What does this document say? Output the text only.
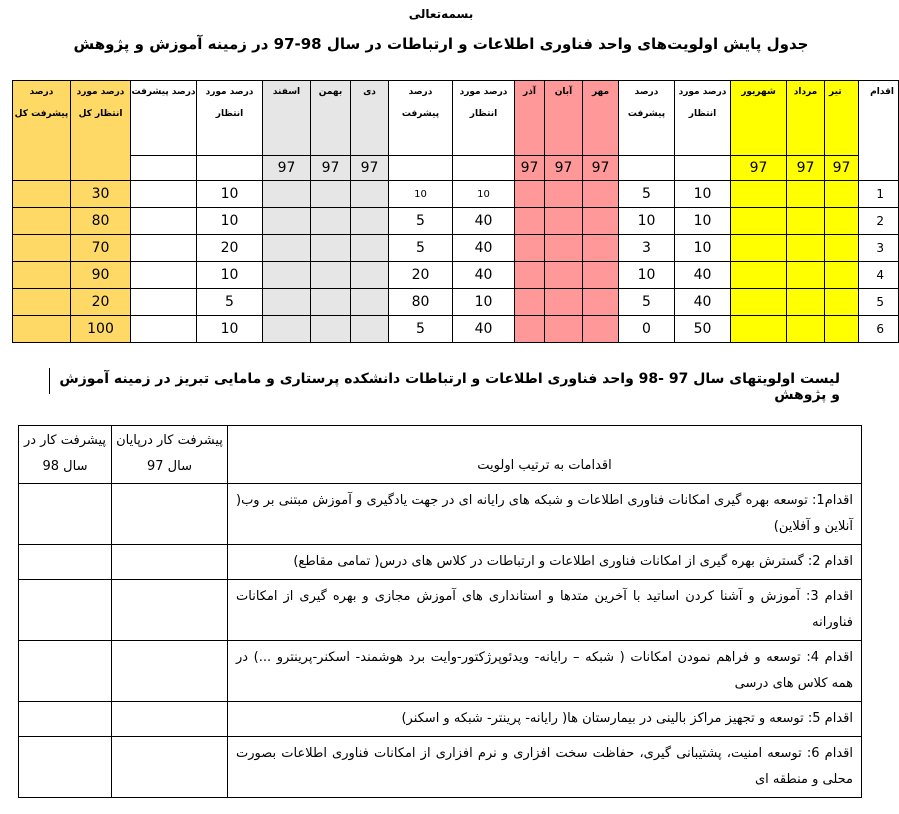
بسمه‌تعالی
جدول پایش اولویت‌های واحد فناوری اطلاعات و ارتباطات در سال 98-97 در زمینه آموزش و پژوهش
اقدام	تیر	مرداد	شهریور	درصد مورد انتظار	درصد پیشرفت	مهر	آبان	آذر	درصد مورد انتظار	درصد پیشرفت	دی	بهمن	اسفند	درصد مورد انتظار	درصد پیشرفت	درصد مورد انتظار کل	درصد پیشرفت کل
	97	97	97			97	97	97			97	97	97				
1				10	5				10	10				10		30	
2				10	10				40	5				10		80	
3				10	3				40	5				20		70	
4				40	10				40	20				10		90	
5				40	5				10	80				5		20	
6				50	0				40	5				10		100	
لیست اولویتهای سال 97 -98 واحد فناوری اطلاعات و ارتباطات دانشکده پرستاری و مامایی تبریز در زمینه آموزش و پژوهش
اقدامات به ترتیب اولویت	پیشرفت کار درپایان سال 97	پیشرفت کار در سال 98
اقدام1: توسعه بهره گیری امکانات فناوری اطلاعات و شبکه های رایانه ای در جهت یادگیری و آموزش مبتنی بر وب( آنلاین و آفلاین)		
اقدام 2: گسترش بهره گیری از امکانات فناوری اطلاعات و ارتباطات در کلاس های درس( تمامی مقاطع)		
اقدام 3: آموزش و آشنا کردن اساتید با آخرین متدها و استانداری های آموزش مجازی و بهره گیری از امکانات فناورانه		
اقدام 4: توسعه و فراهم نمودن امکانات ( شبکه – رایانه- ویدئوپرژکتور-وایت برد هوشمند- اسکنر-پرینترو ...) در همه کلاس های درسی		
اقدام 5: توسعه و تجهیز مراکز بالینی در بیمارستان ها( رایانه- پرینتر- شبکه و اسکنر)		
اقدام 6: توسعه امنیت، پشتیبانی گیری، حفاظت سخت افزاری و نرم افزاری از امکانات فناوری اطلاعات بصورت محلی و منطقه ای		
